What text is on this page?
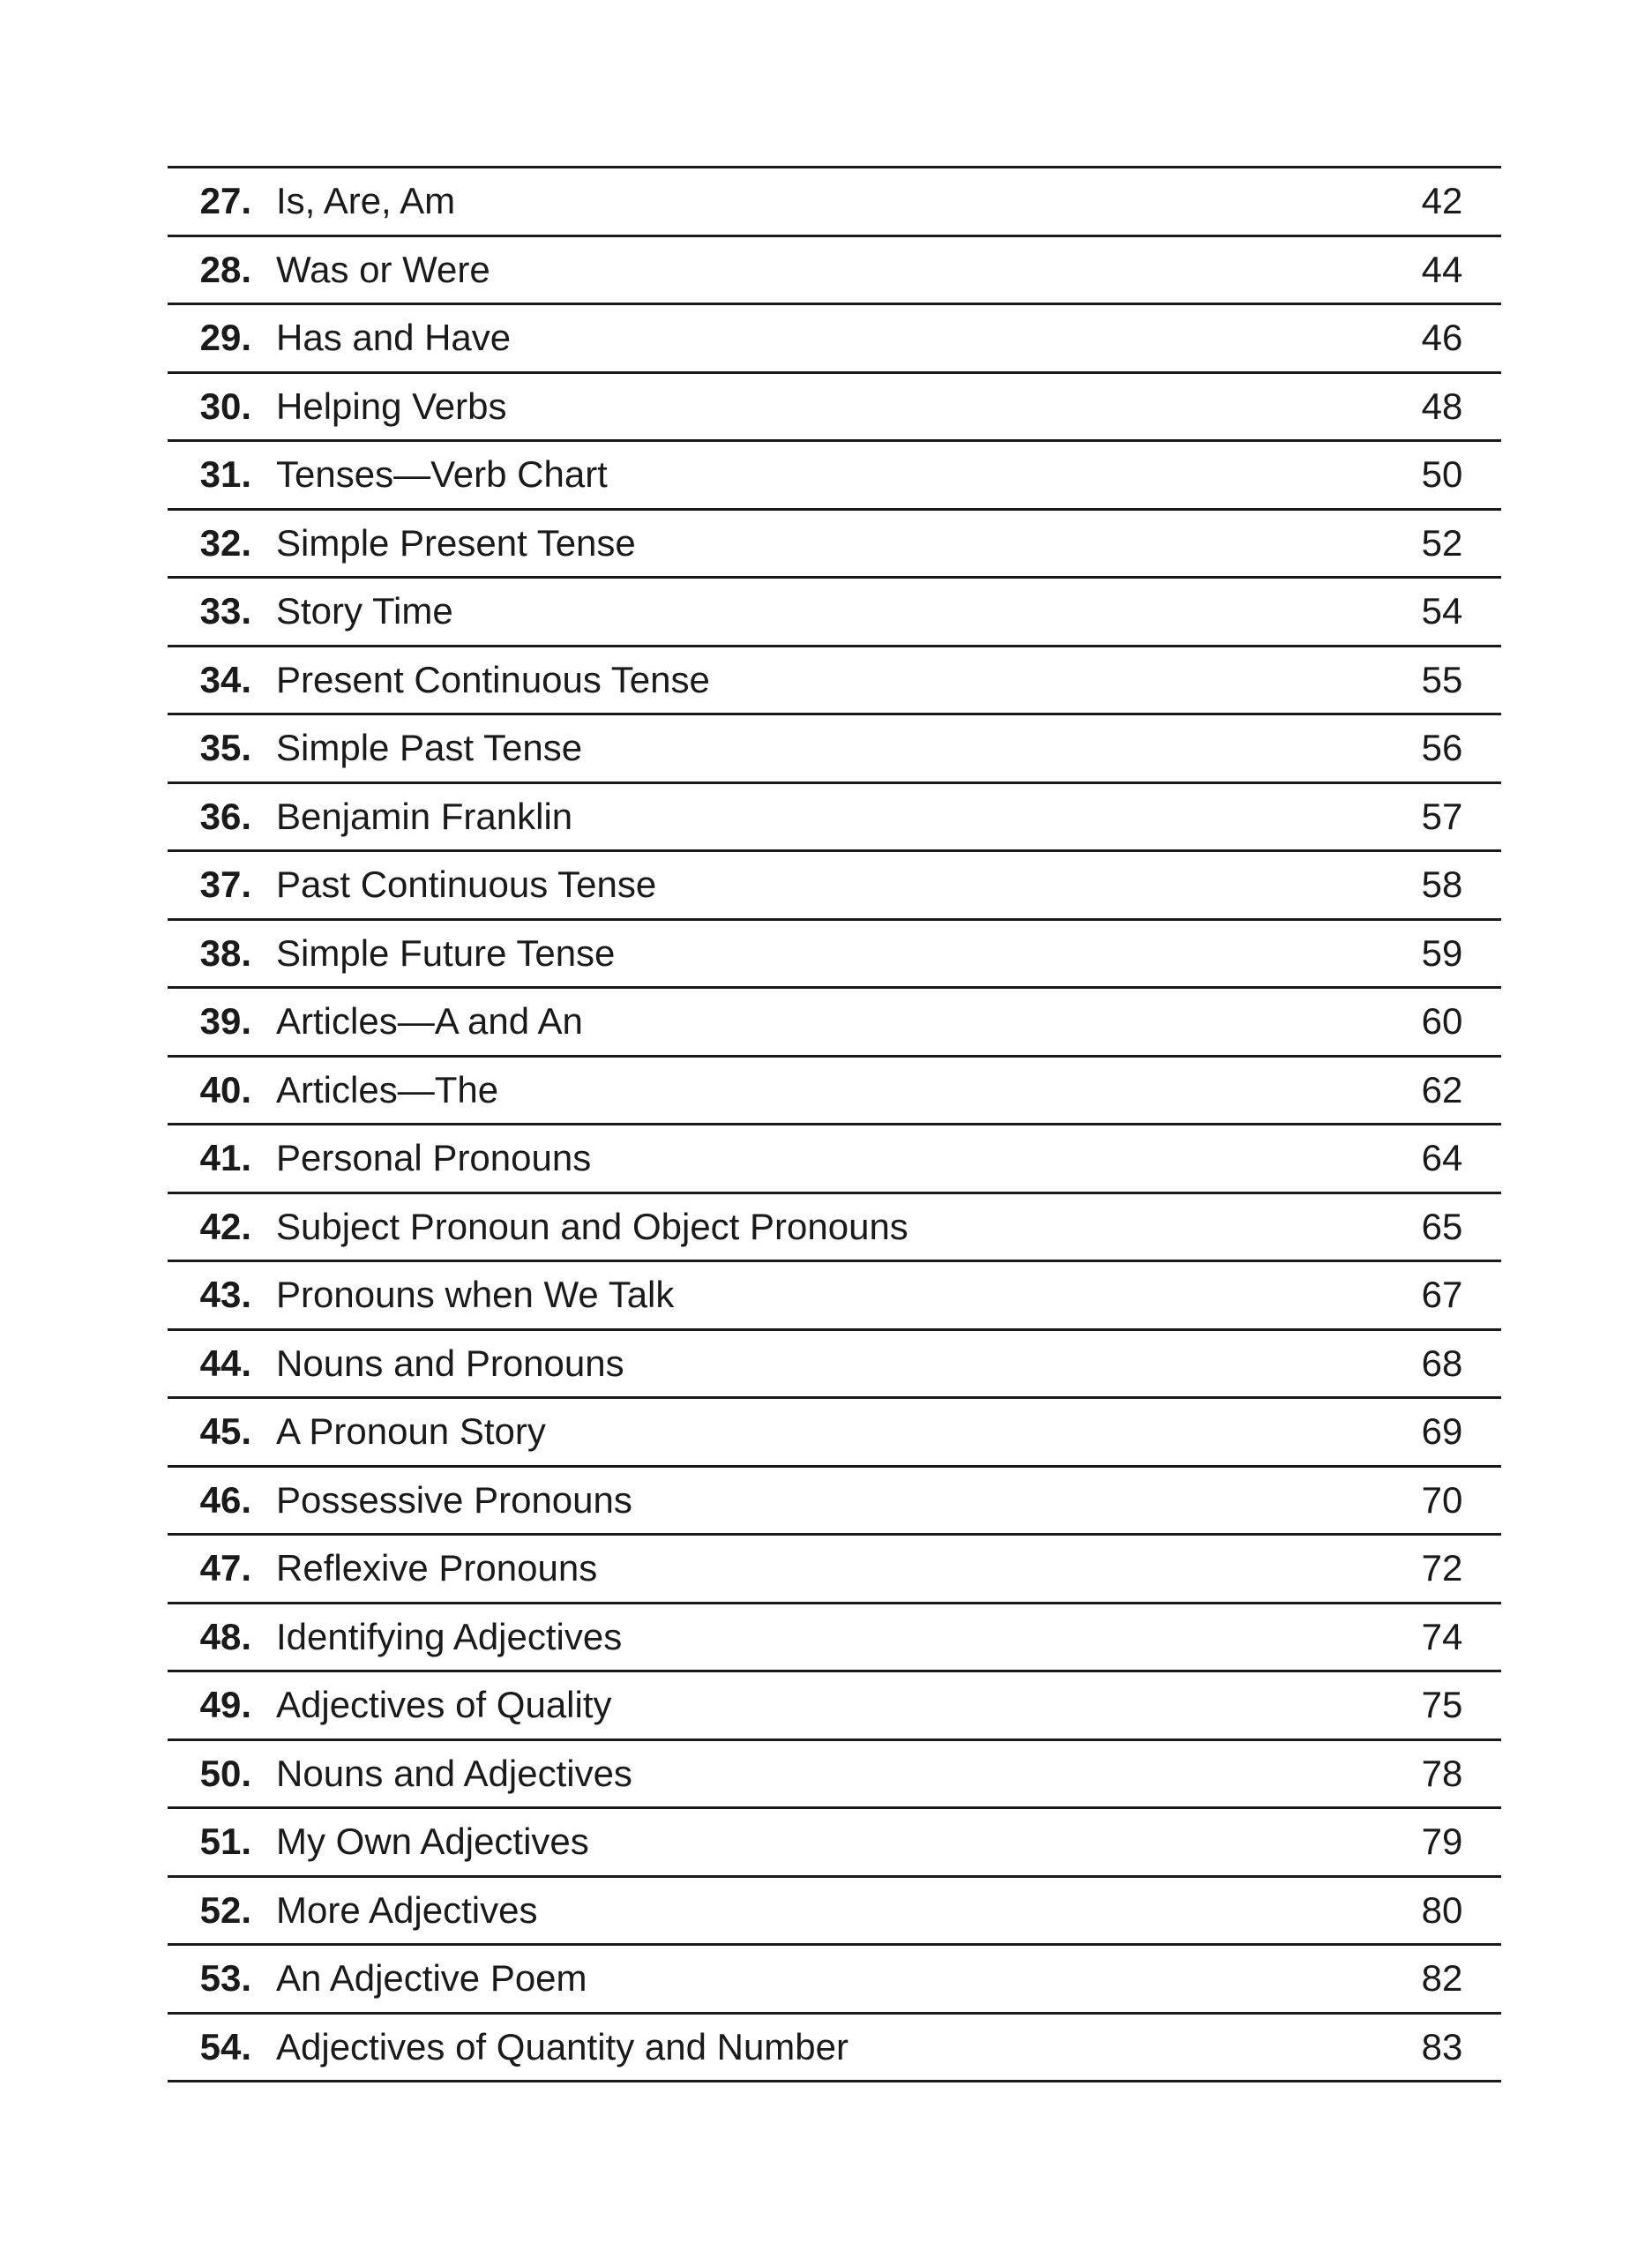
27. Is, Are, Am	42
28. Was or Were	44
29. Has and Have	46
30. Helping Verbs	48
31. Tenses—Verb Chart	50
32. Simple Present Tense	52
33. Story Time	54
34. Present Continuous Tense	55
35. Simple Past Tense	56
36. Benjamin Franklin	57
37. Past Continuous Tense	58
38. Simple Future Tense	59
39. Articles—A and An	60
40. Articles—The	62
41. Personal Pronouns	64
42. Subject Pronoun and Object Pronouns	65
43. Pronouns when We Talk	67
44. Nouns and Pronouns	68
45. A Pronoun Story	69
46. Possessive Pronouns	70
47. Reflexive Pronouns	72
48. Identifying Adjectives	74
49. Adjectives of Quality	75
50. Nouns and Adjectives	78
51. My Own Adjectives	79
52. More Adjectives	80
53. An Adjective Poem	82
54. Adjectives of Quantity and Number	83
